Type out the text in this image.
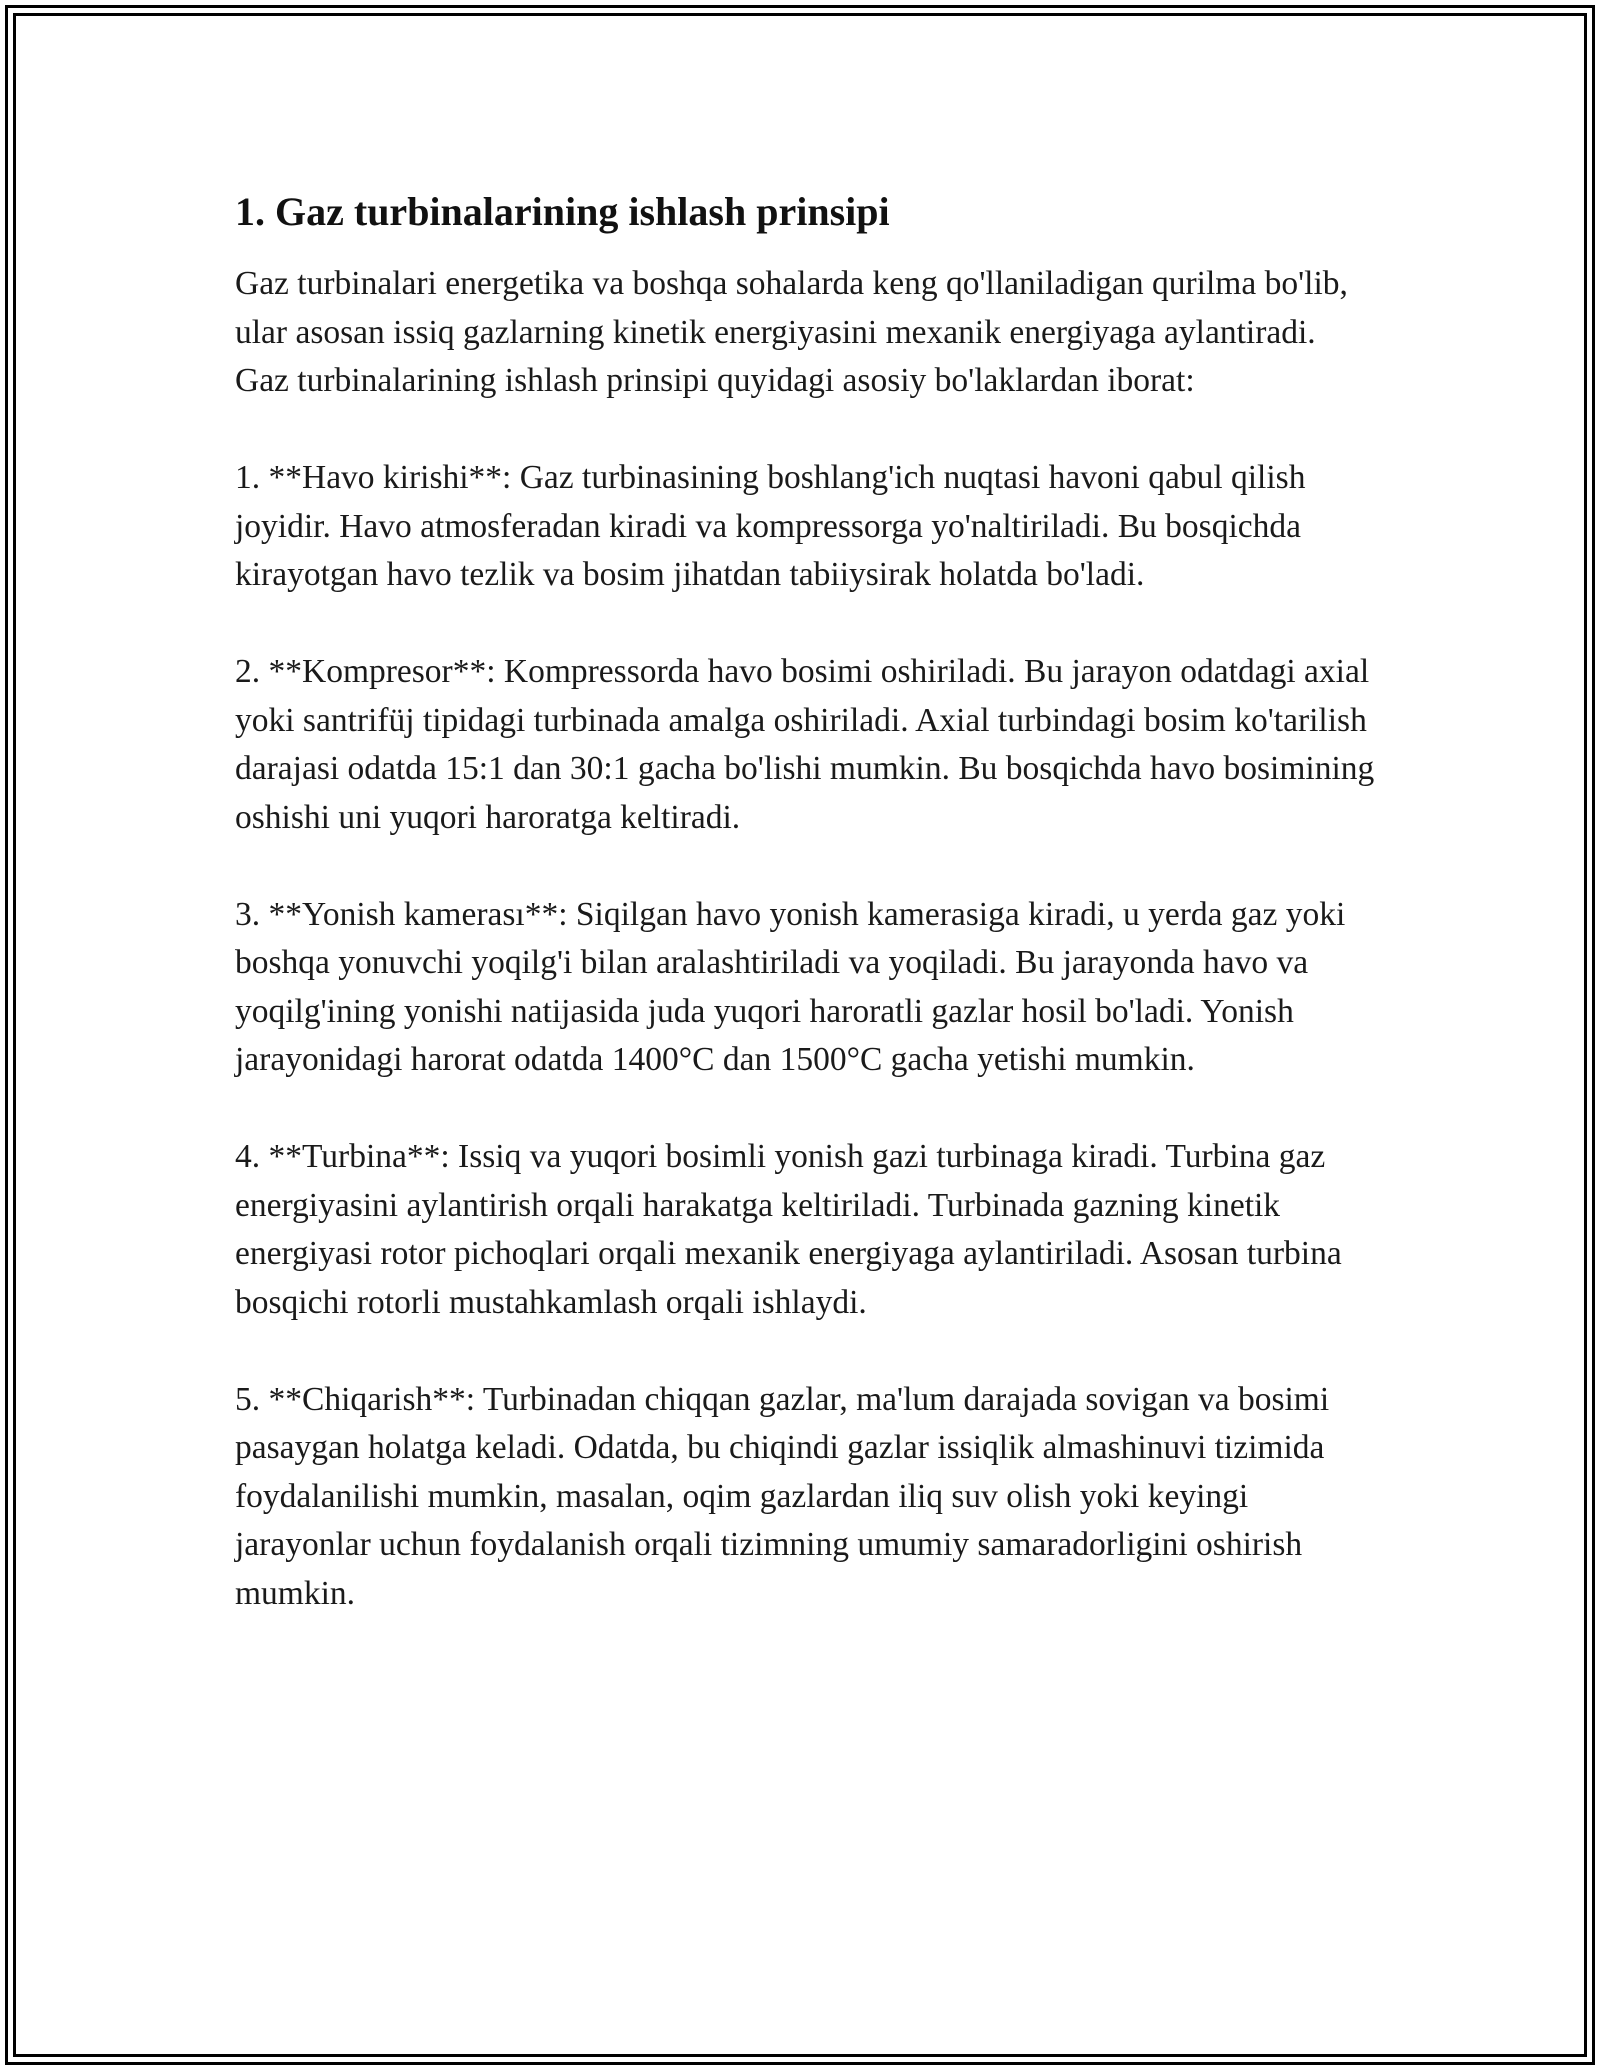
1. Gaz turbinalarining ishlash prinsipi

Gaz turbinalari energetika va boshqa sohalarda keng qo'llaniladigan qurilma bo'lib, ular asosan issiq gazlarning kinetik energiyasini mexanik energiyaga aylantiradi. Gaz turbinalarining ishlash prinsipi quyidagi asosiy bo'laklardan iborat:

1. **Havo kirishi**: Gaz turbinasining boshlang'ich nuqtasi havoni qabul qilish joyidir. Havo atmosferadan kiradi va kompressorga yo'naltiriladi. Bu bosqichda kirayotgan havo tezlik va bosim jihatdan tabiiysirak holatda bo'ladi.

2. **Kompresor**: Kompressorda havo bosimi oshiriladi. Bu jarayon odatdagi axial yoki santrifüj tipidagi turbinada amalga oshiriladi. Axial turbindagi bosim ko'tarilish darajasi odatda 15:1 dan 30:1 gacha bo'lishi mumkin. Bu bosqichda havo bosimining oshishi uni yuqori haroratga keltiradi.

3. **Yonish kamerası**: Siqilgan havo yonish kamerasiga kiradi, u yerda gaz yoki boshqa yonuvchi yoqilg'i bilan aralashtiriladi va yoqiladi. Bu jarayonda havo va yoqilg'ining yonishi natijasida juda yuqori haroratli gazlar hosil bo'ladi. Yonish jarayonidagi harorat odatda 1400°C dan 1500°C gacha yetishi mumkin.

4. **Turbina**: Issiq va yuqori bosimli yonish gazi turbinaga kiradi. Turbina gaz energiyasini aylantirish orqali harakatga keltiriladi. Turbinada gazning kinetik energiyasi rotor pichoqlari orqali mexanik energiyaga aylantiriladi. Asosan turbina bosqichi rotorli mustahkamlash orqali ishlaydi.

5. **Chiqarish**: Turbinadan chiqqan gazlar, ma'lum darajada sovigan va bosimi pasaygan holatga keladi. Odatda, bu chiqindi gazlar issiqlik almashinuvi tizimida foydalanilishi mumkin, masalan, oqim gazlardan iliq suv olish yoki keyingi jarayonlar uchun foydalanish orqali tizimning umumiy samaradorligini oshirish mumkin.
